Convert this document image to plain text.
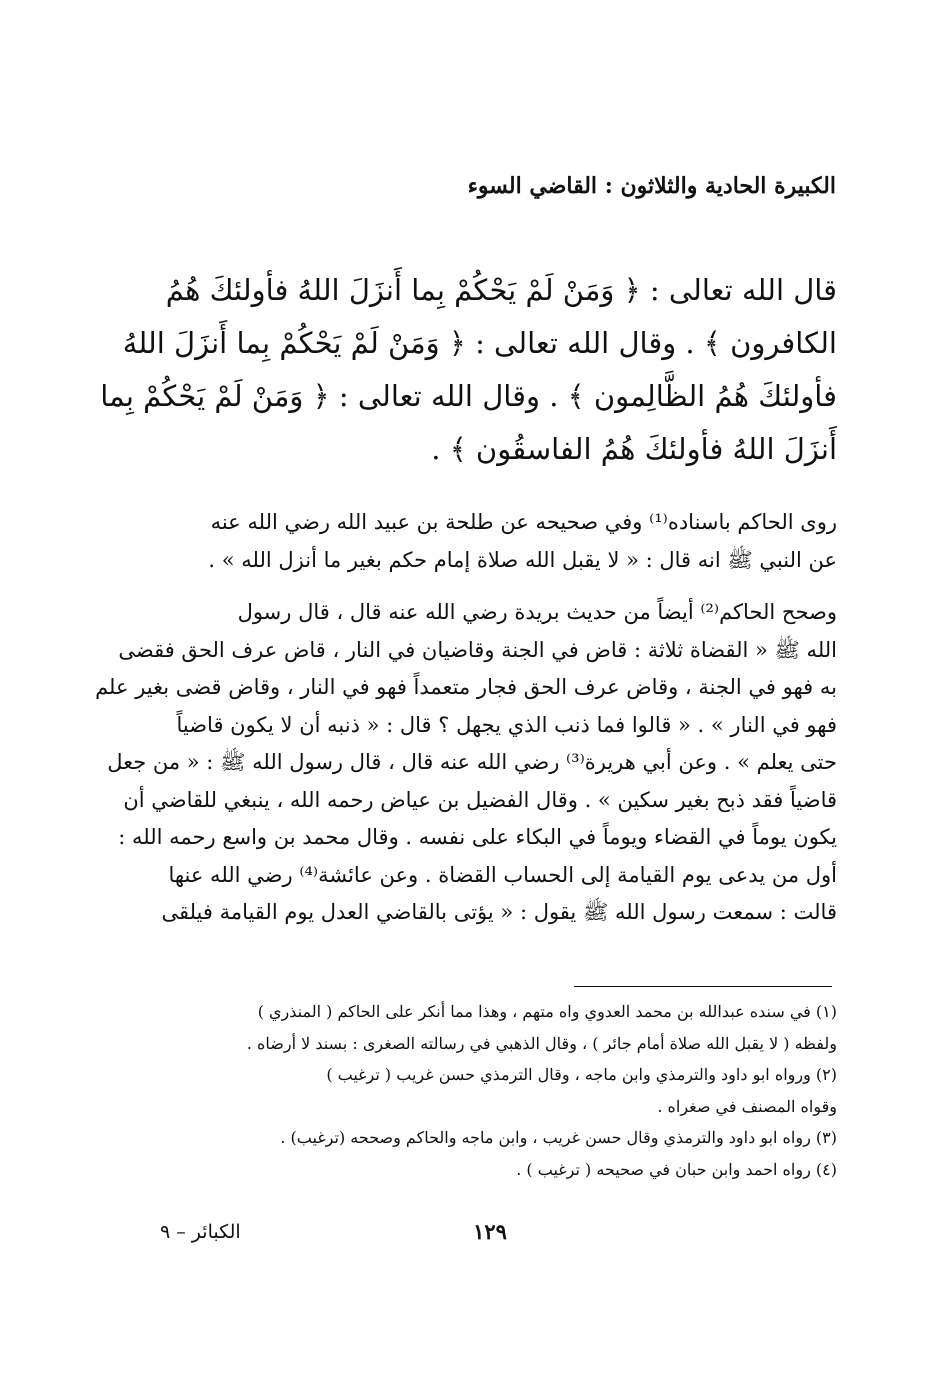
الكبيرة الحادية والثلاثون : القاضي السوء
قال الله تعالى : ﴿ وَمَنْ لَمْ يَحْكُمْ بِما أَنزَلَ اللهُ فأولئكَ هُمُ
الكافرون ﴾ . وقال الله تعالى : ﴿ وَمَنْ لَمْ يَحْكُمْ بِما أَنزَلَ اللهُ
فأولئكَ هُمُ الظَّالِمون ﴾ . وقال الله تعالى : ﴿ وَمَنْ لَمْ يَحْكُمْ بِما
أَنزَلَ اللهُ فأولئكَ هُمُ الفاسقُون ﴾ .
روى الحاكم باسناده⁽¹⁾ وفي صحيحه عن طلحة بن عبيد الله رضي الله عنه
عن النبي ﷺ انه قال : « لا يقبل الله صلاة إمام حكم بغير ما أنزل الله » .
وصحح الحاكم⁽²⁾ أيضاً من حديث بريدة رضي الله عنه قال ، قال رسول
الله ﷺ « القضاة ثلاثة : قاض في الجنة وقاضيان في النار ، قاض عرف الحق فقضى
به فهو في الجنة ، وقاض عرف الحق فجار متعمداً فهو في النار ، وقاض قضى بغير علم
فهو في النار » . « قالوا فما ذنب الذي يجهل ؟ قال : « ذنبه أن لا يكون قاضياً
حتى يعلم » . وعن أبي هريرة⁽³⁾ رضي الله عنه قال ، قال رسول الله ﷺ : « من جعل
قاضياً فقد ذبح بغير سكين » . وقال الفضيل بن عياض رحمه الله ، ينبغي للقاضي أن
يكون يوماً في القضاء ويوماً في البكاء على نفسه . وقال محمد بن واسع رحمه الله :
أول من يدعى يوم القيامة إلى الحساب القضاة . وعن عائشة⁽⁴⁾ رضي الله عنها
قالت : سمعت رسول الله ﷺ يقول : « يؤتى بالقاضي العدل يوم القيامة فيلقى
(١) في سنده عبدالله بن محمد العدوي واه متهم ، وهذا مما أنكر على الحاكم ( المنذري )
ولفظه ( لا يقبل الله صلاة أمام جائر ) ، وقال الذهبي في رسالته الصغرى : بسند لا أرضاه .
(٢) ورواه ابو داود والترمذي وابن ماجه ، وقال الترمذي حسن غريب ( ترغيب )
وقواه المصنف في صغراه .
(٣) رواه ابو داود والترمذي وقال حسن غريب ، وابن ماجه والحاكم وصححه (ترغيب) .
(٤) رواه احمد وابن حبان في صحيحه ( ترغيب ) .
١٢٩
الكبائر – ٩
